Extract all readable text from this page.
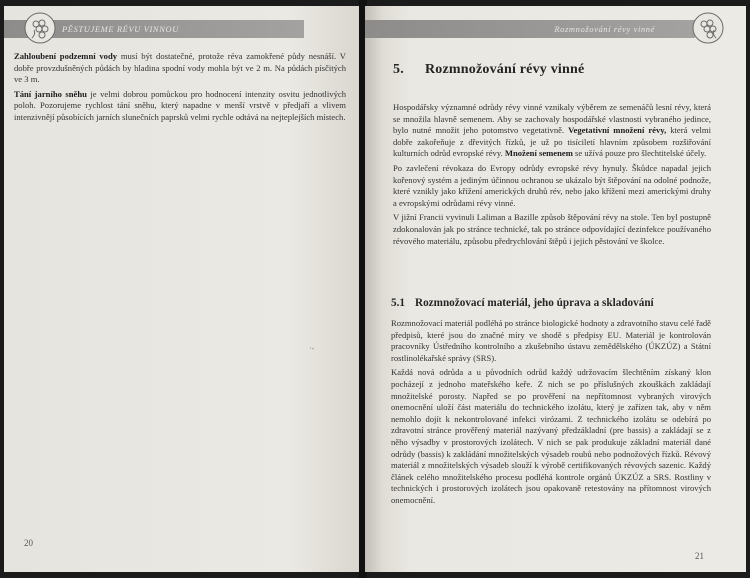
PĚSTUJEME RÉVU VINNOU

Zahloubení podzemní vody musí být dostatečné, protože réva zamokřené půdy nesnáší. V dobře provzdušněných půdách by hladina spodní vody mohla být ve 2 m. Na půdách písčitých ve 3 m.

Tání jarního sněhu je velmi dobrou pomůckou pro hodnocení intenzity osvitu jednotlivých poloh. Pozorujeme rychlost tání sněhu, který napadne v menší vrstvě v předjaří a vlivem intenzivnějí působících jarních slunečních paprsků velmi rychle odtává na nejteplejších místech.

·-
20
Rozmnožování révy vinné
5. Rozmnožování révy vinné

Hospodářsky významné odrůdy révy vinné vznikaly výběrem ze semenáčů lesní révy, která se množila hlavně semenem. Aby se zachovaly hospodářské vlastnosti vybraného jedince, bylo nutné množit jeho potomstvo vegetativně. Vegetativní množení révy, která velmi dobře zakořeňuje z dřevitých řízků, je už po tisíciletí hlavním způsobem rozšiřování kulturních odrůd evropské révy. Množení semenem se užívá pouze pro šlechtitelské účely.

Po zavlečení révokaza do Evropy odrůdy evropské révy hynuly. Škůdce napadal jejich kořenový systém a jediným účinnou ochranou se ukázalo být štěpování na odolné podnože, které vznikly jako křížení amerických druhů rév, nebo jako křížení mezi americkými druhy a evropskými odrůdami révy vinné.

V jižní Francii vyvinuli Laliman a Bazille způsob štěpování révy na stole. Ten byl postupně zdokonalován jak po stránce technické, tak po stránce odpovídající dezinfekce používaného révového materiálu, způsobu předrychlování štěpů i jejich pěstování ve školce.

5.1 Rozmnožovací materiál, jeho úprava a skladování

Rozmnožovací materiál podléhá po stránce biologické hodnoty a zdravotního stavu celé řadě předpisů, které jsou do značné míry ve shodě s předpisy EU. Materiál je kontrolován pracovníky Ústředního kontrolního a zkušebního ústavu zemědělského (ÚKZÚZ) a Státní rostlinolékařské správy (SRS).

Každá nová odrůda a u původních odrůd každý udržovacím šlechtěním získaný klon pocházejí z jednoho mateřského keře. Z nich se po příslušných zkouškách zakládají množitelské porosty. Napřed se po prověření na nepřítomnost vybraných virových onemocnění uloží část materiálu do technického izolátu, který je zařízen tak, aby v něm nemohlo dojít k nekontrolované infekci virózami. Z technického izolátu se odebírá po zdravotní stránce prověřený materiál nazývaný předzákladní (pre bassis) a zakládají se z něho výsadby v prostorových izolátech. V nich se pak produkuje základní materiál dané odrůdy (bassis) k zakládání množitelských výsadeb roubů nebo podnožových řízků. Révový materiál z množitelských výsadeb slouží k výrobě certifikovaných révových sazenic. Každý článek celého množitelského procesu podléhá kontrole orgánů ÚKZÚZ a SRS. Rostliny v technických i prostorových izolátech jsou opakovaně retestovány na přítomnost virových onemocnění.

21
